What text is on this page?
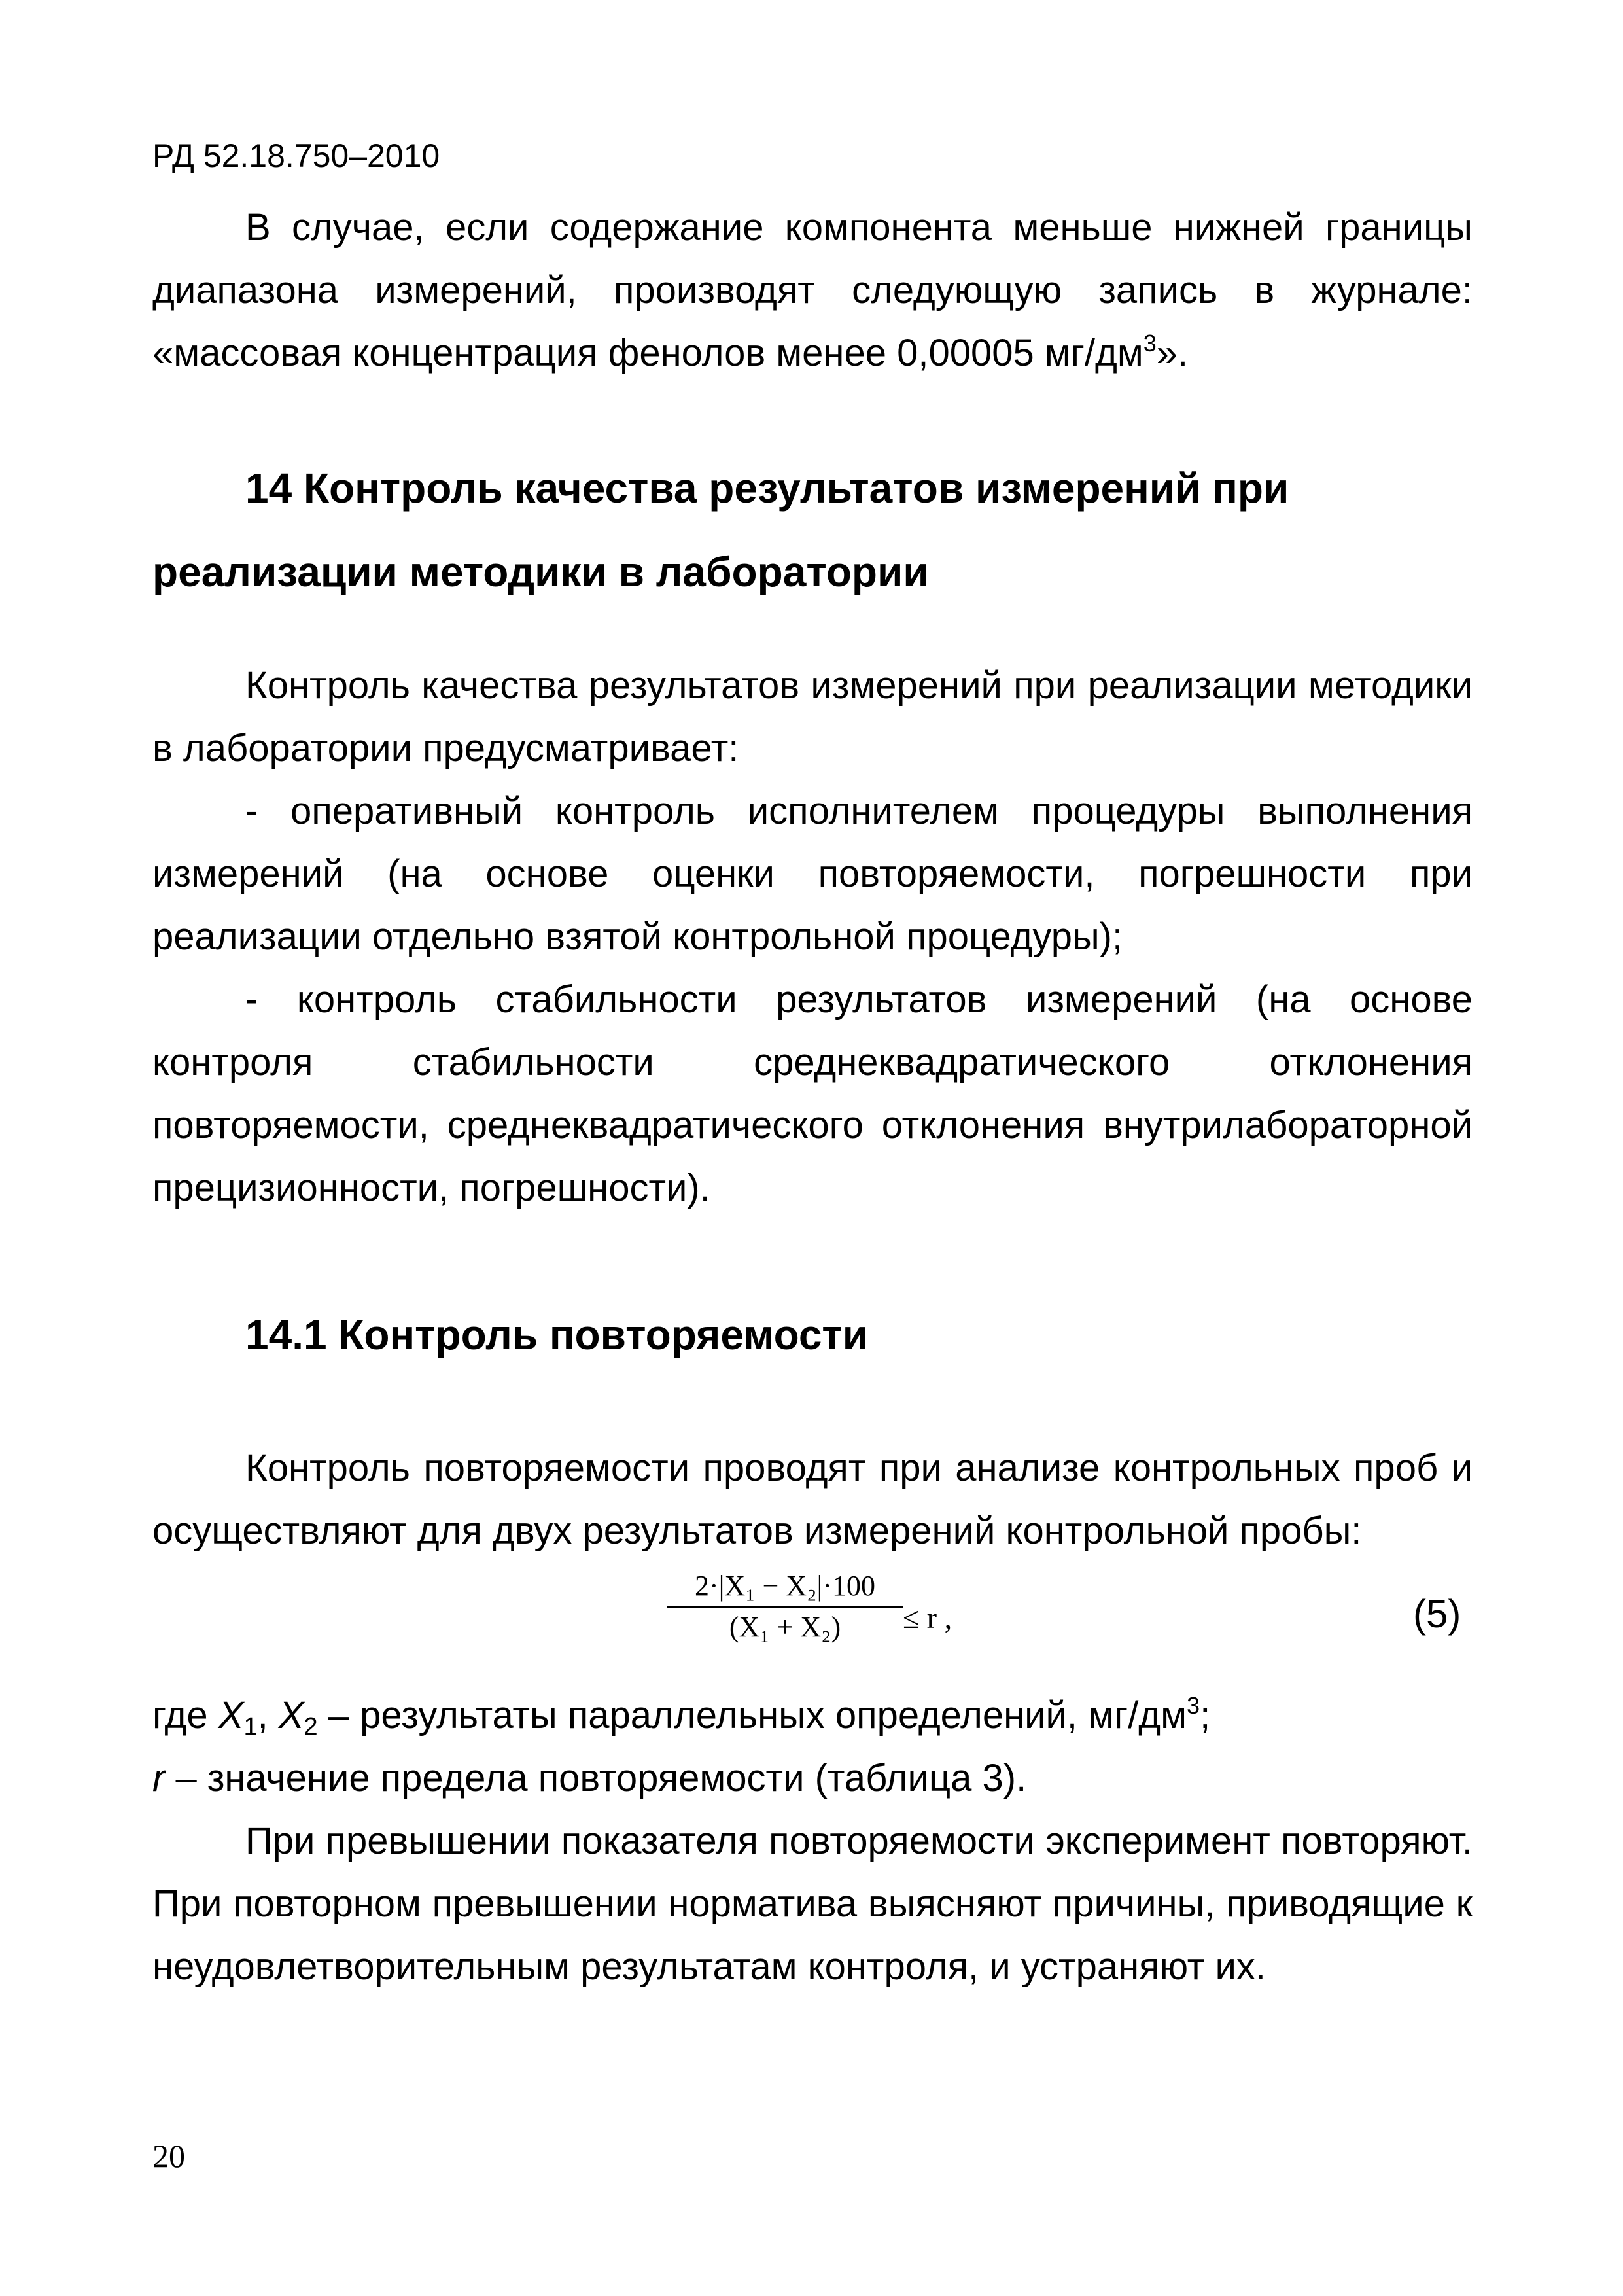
РД 52.18.750–2010
В случае, если содержание компонента меньше нижней границы диапазона измерений, производят следующую запись в журнале: «массовая концентрация фенолов менее 0,00005 $мг/дм^3$».
14 Контроль качества результатов измерений при
реализации методики в лаборатории
Контроль качества результатов измерений при реализации методики в лаборатории предусматривает:
- оперативный контроль исполнителем процедуры выполнения измерений (на основе оценки повторяемости, погрешности при реализации отдельно взятой контрольной процедуры);
- контроль стабильности результатов измерений (на основе контроля стабильности среднеквадратического отклонения повторяемости, среднеквадратического отклонения внутрилабораторной прецизионности, погрешности).
14.1 Контроль повторяемости
Контроль повторяемости проводят при анализе контрольных проб и осуществляют для двух результатов измерений контрольной пробы:
2·|X₁ − X₂|·100
(X₁ + X₂)	≤ r ,	(5)
где $X_1$, $X_2$ – результаты параллельных определений, $мг/дм^3$;
r – значение предела повторяемости (таблица 3).
При превышении показателя повторяемости эксперимент повторяют. При повторном превышении норматива выясняют причины, приводящие к неудовлетворительным результатам контроля, и устраняют их.
20
